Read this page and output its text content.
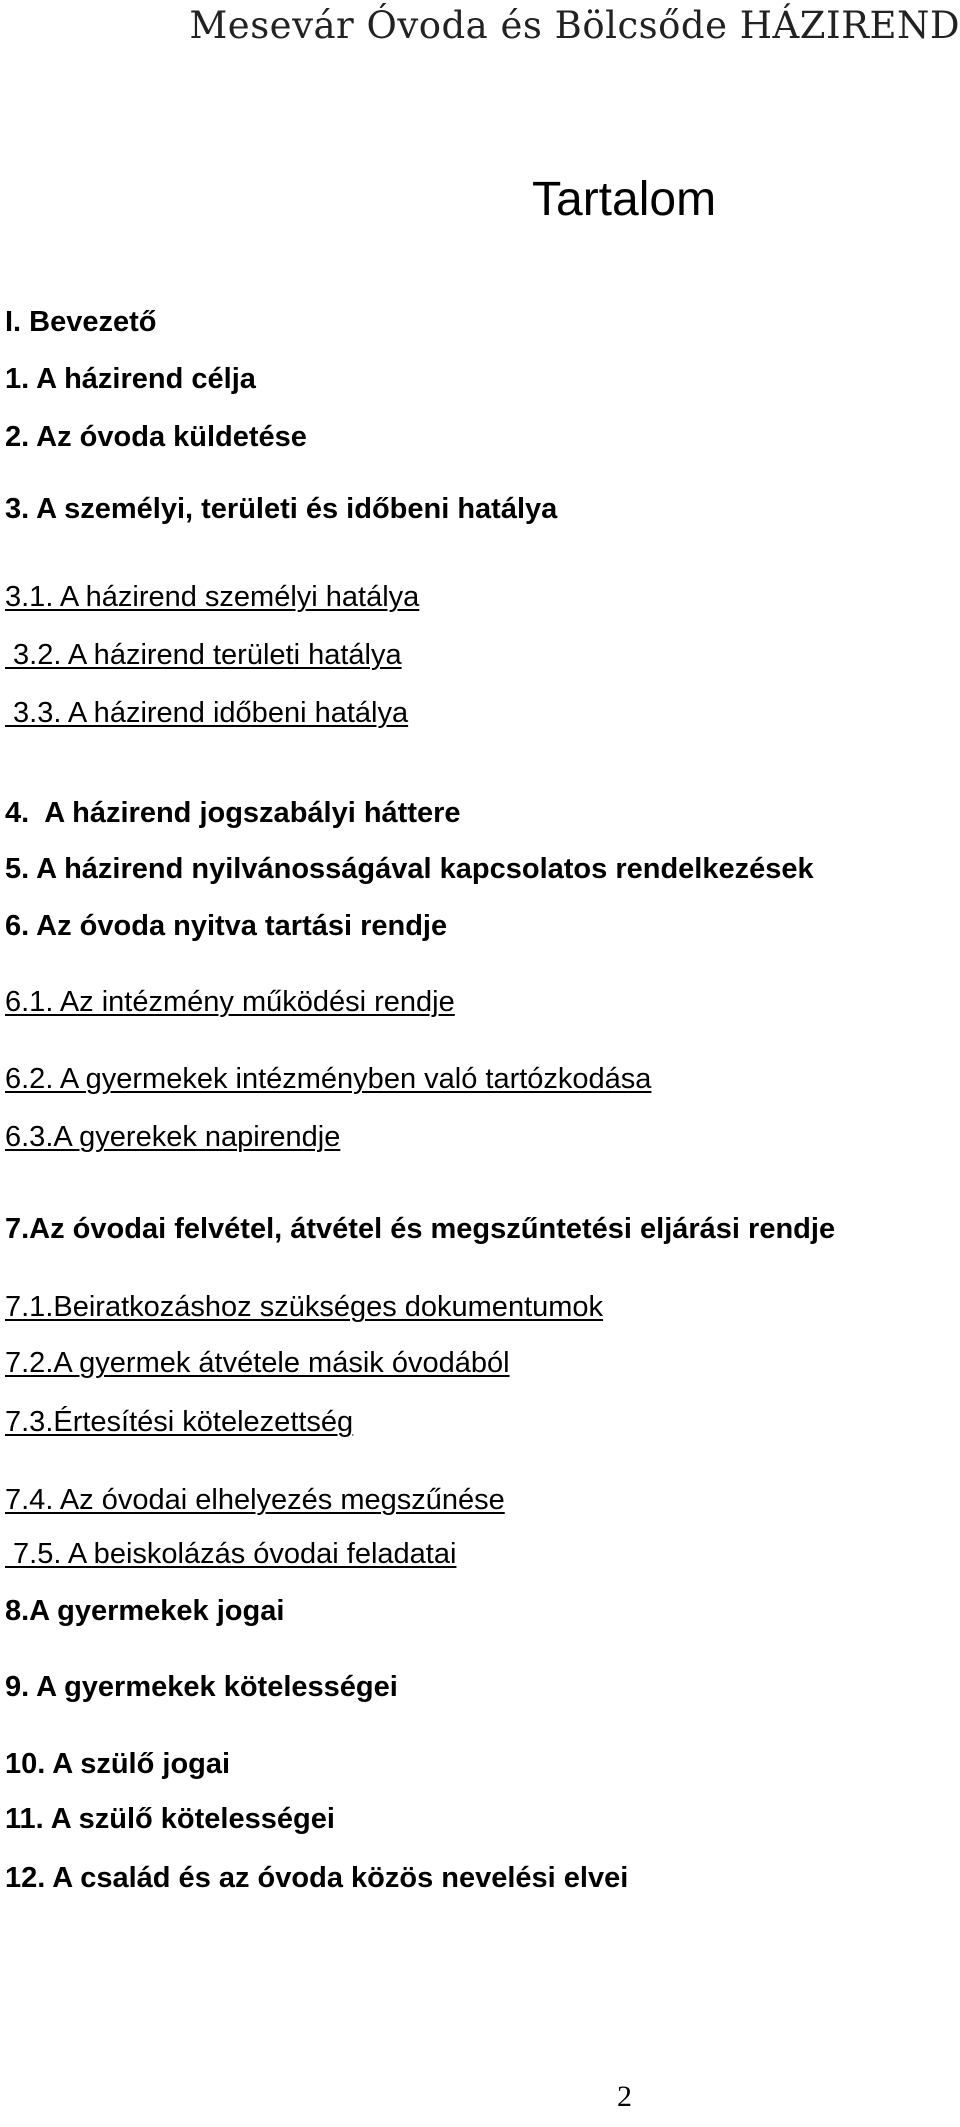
Mesevár Óvoda és Bölcsőde HÁZIREND
Tartalom
I. Bevezető
1. A házirend célja
2. Az óvoda küldetése
3. A személyi, területi és időbeni hatálya
3.1. A házirend személyi hatálya
3.2. A házirend területi hatálya
3.3. A házirend időbeni hatálya
4.  A házirend jogszabályi háttere
5. A házirend nyilvánosságával kapcsolatos rendelkezések
6. Az óvoda nyitva tartási rendje
6.1. Az intézmény működési rendje
6.2. A gyermekek intézményben való tartózkodása
6.3.A gyerekek napirendje
7.Az óvodai felvétel, átvétel és megszűntetési eljárási rendje
7.1.Beiratkozáshoz szükséges dokumentumok
7.2.A gyermek átvétele másik óvodából
7.3.Értesítési kötelezettség
7.4. Az óvodai elhelyezés megszűnése
7.5. A beiskolázás óvodai feladatai
8.A gyermekek jogai
9. A gyermekek kötelességei
10. A szülő jogai
11. A szülő kötelességei
12. A család és az óvoda közös nevelési elvei
2
